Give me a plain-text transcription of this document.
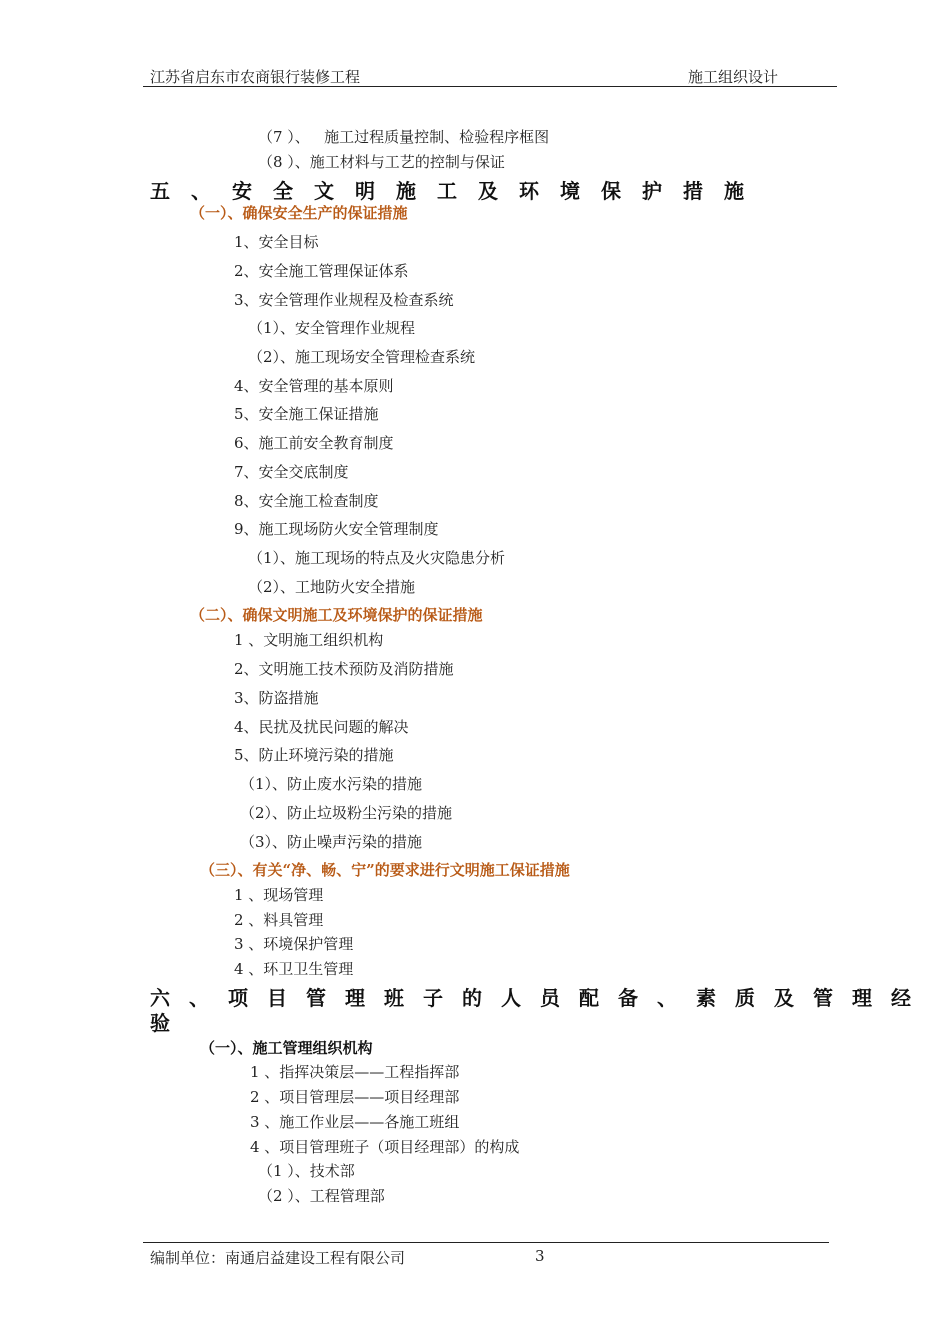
江苏省启东市农商银行装修工程	施工组织设计
（7 ）、   施工过程质量控制、检验程序框图
（8 ）、施工材料与工艺的控制与保证
五、安全文明施工及环境保护措施
（一）、确保安全生产的保证措施
1、安全目标
2、安全施工管理保证体系
3、安全管理作业规程及检查系统
（1）、安全管理作业规程
（2）、施工现场安全管理检查系统
4、安全管理的基本原则
5、安全施工保证措施
6、施工前安全教育制度
7、安全交底制度
8、安全施工检查制度
9、施工现场防火安全管理制度
（1）、施工现场的特点及火灾隐患分析
（2）、工地防火安全措施
（二）、确保文明施工及环境保护的保证措施
1 、文明施工组织机构
2、文明施工技术预防及消防措施
3、防盗措施
4、民扰及扰民问题的解决
5、防止环境污染的措施
（1）、防止废水污染的措施
（2）、防止垃圾粉尘污染的措施
（3）、防止噪声污染的措施
（三）、有关“净、畅、宁”的要求进行文明施工保证措施
1 、现场管理
2 、料具管理
3 、环境保护管理
4 、环卫卫生管理
六、项目管理班子的人员配备、素质及管理经
验
（一）、施工管理组织机构
1 、指挥决策层——工程指挥部
2 、项目管理层——项目经理部
3 、施工作业层——各施工班组
4 、项目管理班子（项目经理部）的构成
（1 ）、技术部
（2 ）、工程管理部
编制单位：南通启益建设工程有限公司	3
